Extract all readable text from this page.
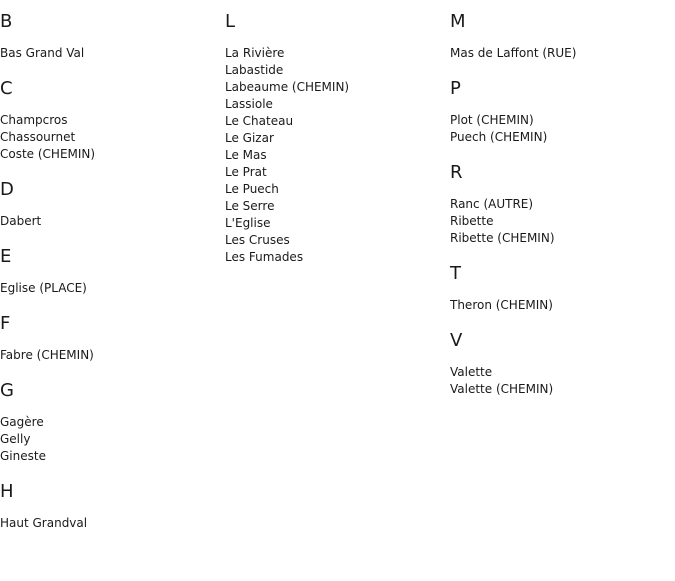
B
Bas Grand Val
C
Champcros
Chassournet
Coste (CHEMIN)
D
Dabert
E
Eglise (PLACE)
F
Fabre (CHEMIN)
G
Gagère
Gelly
Gineste
H
Haut Grandval
L
La Rivière
Labastide
Labeaume (CHEMIN)
Lassiole
Le Chateau
Le Gizar
Le Mas
Le Prat
Le Puech
Le Serre
L'Eglise
Les Cruses
Les Fumades
M
Mas de Laffont (RUE)
P
Plot (CHEMIN)
Puech (CHEMIN)
R
Ranc (AUTRE)
Ribette
Ribette (CHEMIN)
T
Theron (CHEMIN)
V
Valette
Valette (CHEMIN)
